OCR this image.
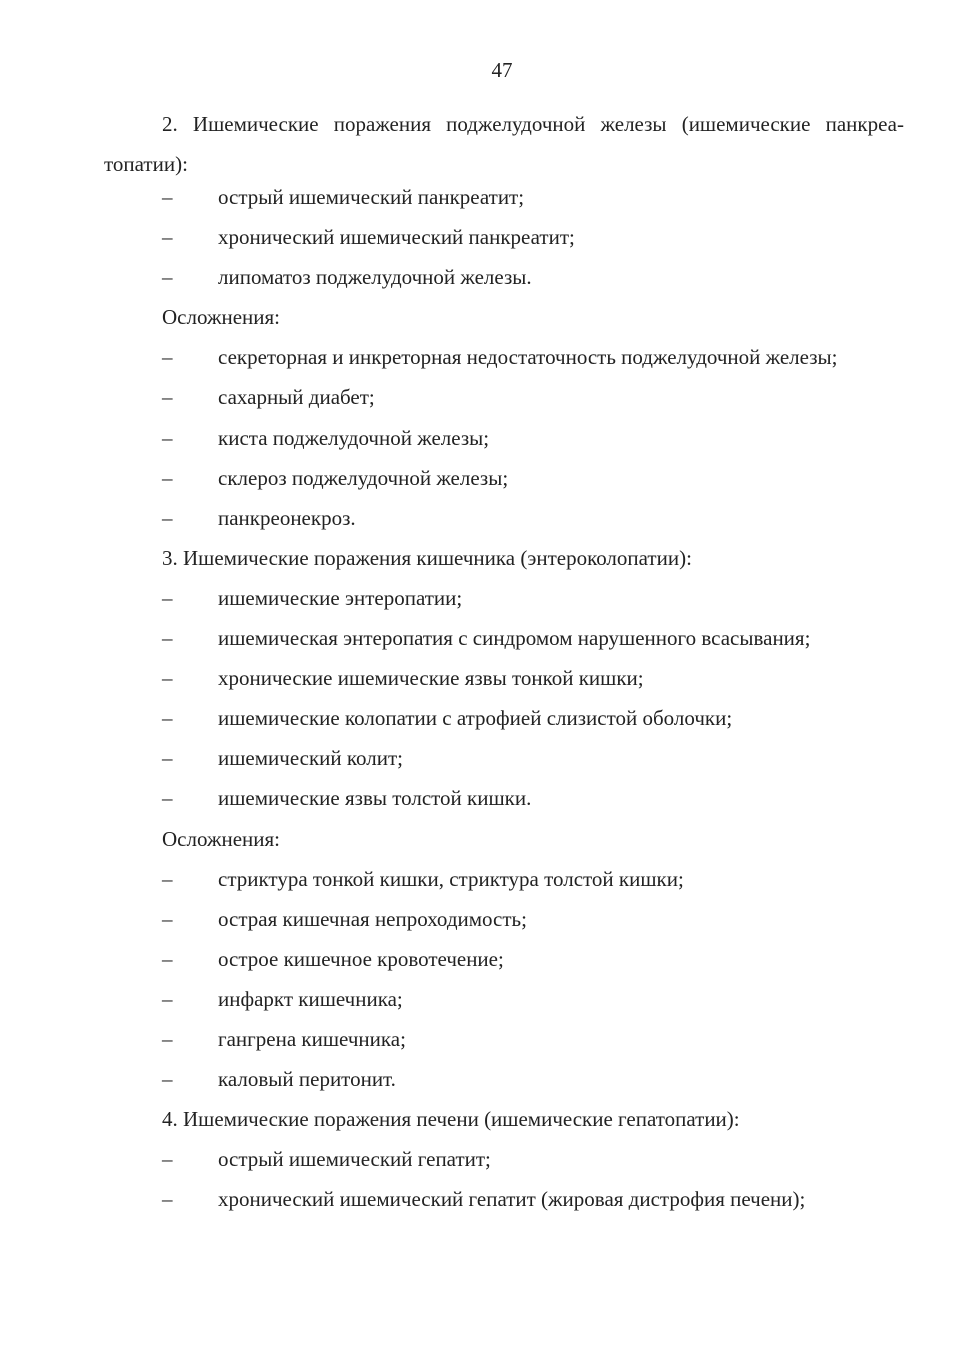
47
2. Ишемические поражения поджелудочной железы (ишемические панкреа-топатии):
– острый ишемический панкреатит;
– хронический ишемический панкреатит;
– липоматоз поджелудочной железы.
Осложнения:
– секреторная и инкреторная недостаточность поджелудочной железы;
– сахарный диабет;
– киста поджелудочной железы;
– склероз поджелудочной железы;
– панкреонекроз.
3. Ишемические поражения кишечника (энтероколопатии):
– ишемические энтеропатии;
– ишемическая энтеропатия с синдромом нарушенного всасывания;
– хронические ишемические язвы тонкой кишки;
– ишемические колопатии с атрофией слизистой оболочки;
– ишемический колит;
– ишемические язвы толстой кишки.
Осложнения:
– стриктура тонкой кишки, стриктура толстой кишки;
– острая кишечная непроходимость;
– острое кишечное кровотечение;
– инфаркт кишечника;
– гангрена кишечника;
– каловый перитонит.
4. Ишемические поражения печени (ишемические гепатопатии):
– острый ишемический гепатит;
– хронический ишемический гепатит (жировая дистрофия печени);
